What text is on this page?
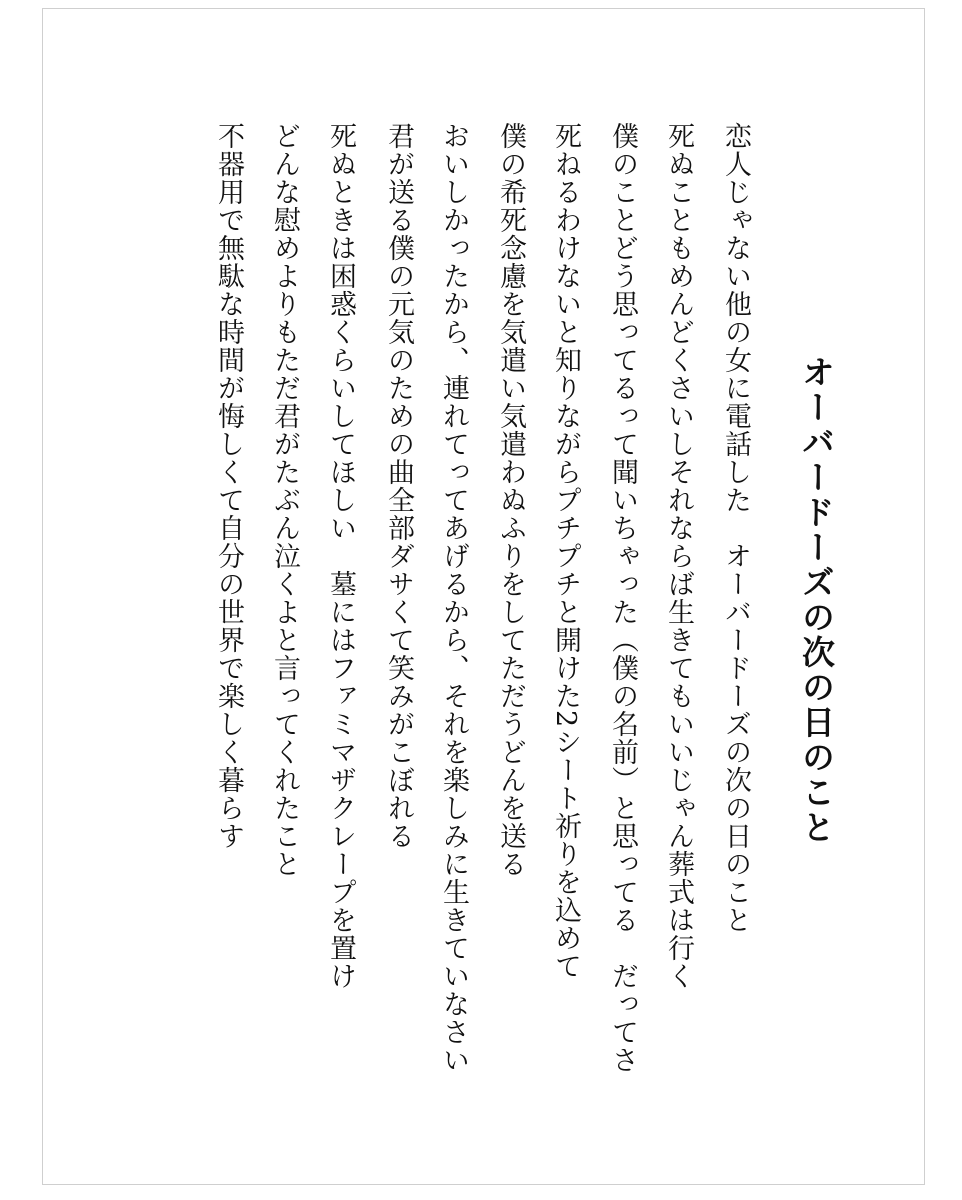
オーバードーズの次の日のこと
恋人じゃない他の女に電話した　オーバードーズの次の日のこと
死ぬこともめんどくさいしそれならば生きてもいいじゃん葬式は行く
僕のことどう思ってるって聞いちゃった（僕の名前）と思ってる　だってさ
死ねるわけないと知りながらプチプチと開けた2シート祈りを込めて
僕の希死念慮を気遣い気遣わぬふりをしてただうどんを送る
おいしかったから、連れてってあげるから、それを楽しみに生きていなさい
君が送る僕の元気のための曲全部ダサくて笑みがこぼれる
死ぬときは困惑くらいしてほしい　墓にはファミマザクレープを置け
どんな慰めよりもただ君がたぶん泣くよと言ってくれたこと
不器用で無駄な時間が悔しくて自分の世界で楽しく暮らす
